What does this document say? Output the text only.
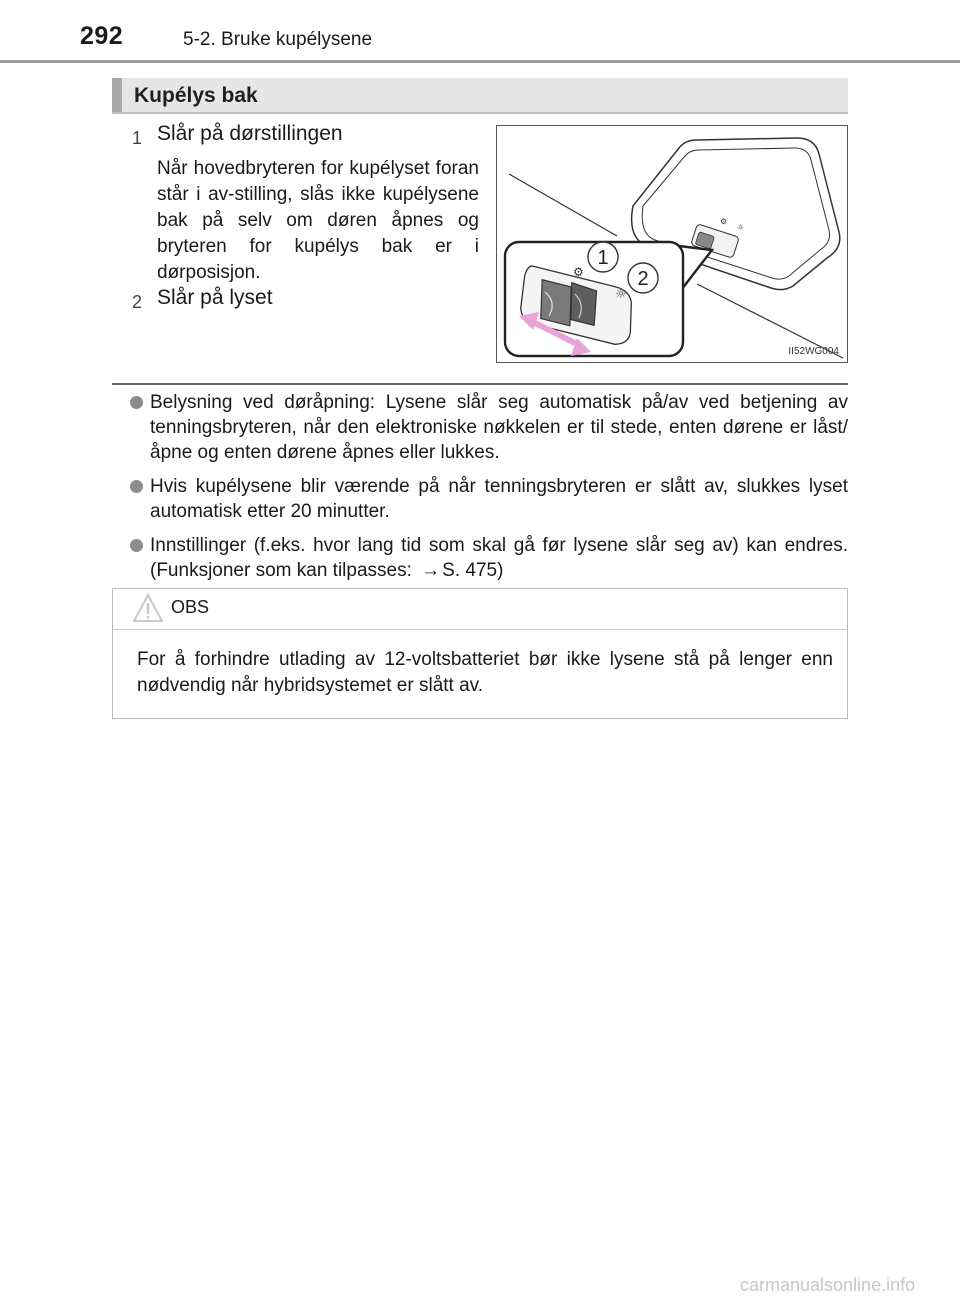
292	5-2. Bruke kupélysene
Kupélys bak
1 Slår på dørstillingen
Når hovedbryteren for kupélyset foran står i av-stilling, slås ikke kupélysene bak på selv om døren åpnes og bryteren for kupélys bak er i dørposisjon.
2 Slår på lyset
⚙
☼
⚙
☼
1
2
II52WG004
Belysning ved døråpning: Lysene slår seg automatisk på/av ved betjening av tenningsbryteren, når den elektroniske nøkkelen er til stede, enten dørene er låst/åpne og enten dørene åpnes eller lukkes.
Hvis kupélysene blir værende på når tenningsbryteren er slått av, slukkes lyset automatisk etter 20 minutter.
Innstillinger (f.eks. hvor lang tid som skal gå før lysene slår seg av) kan endres. (Funksjoner som kan tilpasses: → S. 475)
OBS
For å forhindre utlading av 12-voltsbatteriet bør ikke lysene stå på lenger enn nødvendig når hybridsystemet er slått av.
carmanualsonline.info
